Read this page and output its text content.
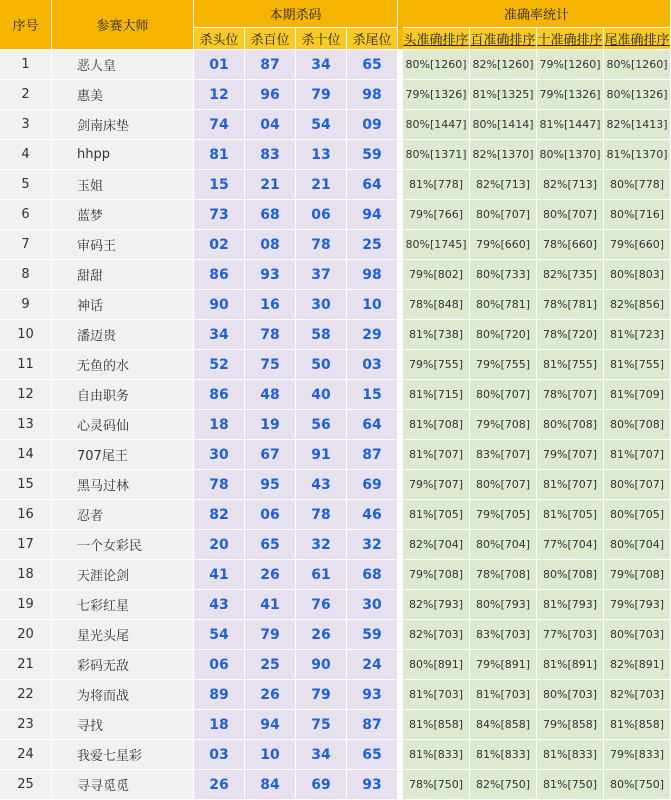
序号	参赛大师	本期杀码					准确率统计			
		杀头位	杀百位	杀十位	杀尾位		头准确排序	百准确排序	十准确排序	尾准确排序
1	恶人皇	01	87	34	65		80%[1260]	82%[1260]	79%[1260]	80%[1260]
2	惠美	12	96	79	98		79%[1326]	81%[1325]	79%[1326]	80%[1326]
3	剑南床垫	74	04	54	09		80%[1447]	80%[1414]	81%[1447]	82%[1413]
4	hhpp	81	83	13	59		80%[1371]	82%[1370]	80%[1370]	81%[1370]
5	玉姐	15	21	21	64		81%[778]	82%[713]	82%[713]	80%[778]
6	蓝梦	73	68	06	94		79%[766]	80%[707]	80%[707]	80%[716]
7	审码王	02	08	78	25		80%[1745]	79%[660]	78%[660]	79%[660]
8	甜甜	86	93	37	98		79%[802]	80%[733]	82%[735]	80%[803]
9	神话	90	16	30	10		78%[848]	80%[781]	78%[781]	82%[856]
10	潘迈贵	34	78	58	29		81%[738]	80%[720]	78%[720]	81%[723]
11	无鱼的水	52	75	50	03		79%[755]	79%[755]	81%[755]	81%[755]
12	自由职务	86	48	40	15		81%[715]	80%[707]	78%[707]	81%[709]
13	心灵码仙	18	19	56	64		81%[708]	79%[708]	80%[708]	80%[708]
14	707尾王	30	67	91	87		81%[707]	83%[707]	79%[707]	81%[707]
15	黑马过林	78	95	43	69		79%[707]	80%[707]	81%[707]	80%[707]
16	忍者	82	06	78	46		81%[705]	79%[705]	81%[705]	80%[705]
17	一个女彩民	20	65	32	32		82%[704]	80%[704]	77%[704]	80%[704]
18	天涯论剑	41	26	61	68		79%[708]	78%[708]	80%[708]	79%[708]
19	七彩红星	43	41	76	30		82%[793]	80%[793]	81%[793]	79%[793]
20	星光头尾	54	79	26	59		82%[703]	83%[703]	77%[703]	80%[703]
21	彩码无敌	06	25	90	24		80%[891]	79%[891]	81%[891]	82%[891]
22	为将而战	89	26	79	93		81%[703]	81%[703]	80%[703]	82%[703]
23	寻找	18	94	75	87		81%[858]	84%[858]	79%[858]	81%[858]
24	我爱七星彩	03	10	34	65		81%[833]	81%[833]	81%[833]	79%[833]
25	寻寻觅觅	26	84	69	93		78%[750]	82%[750]	81%[750]	80%[750]
